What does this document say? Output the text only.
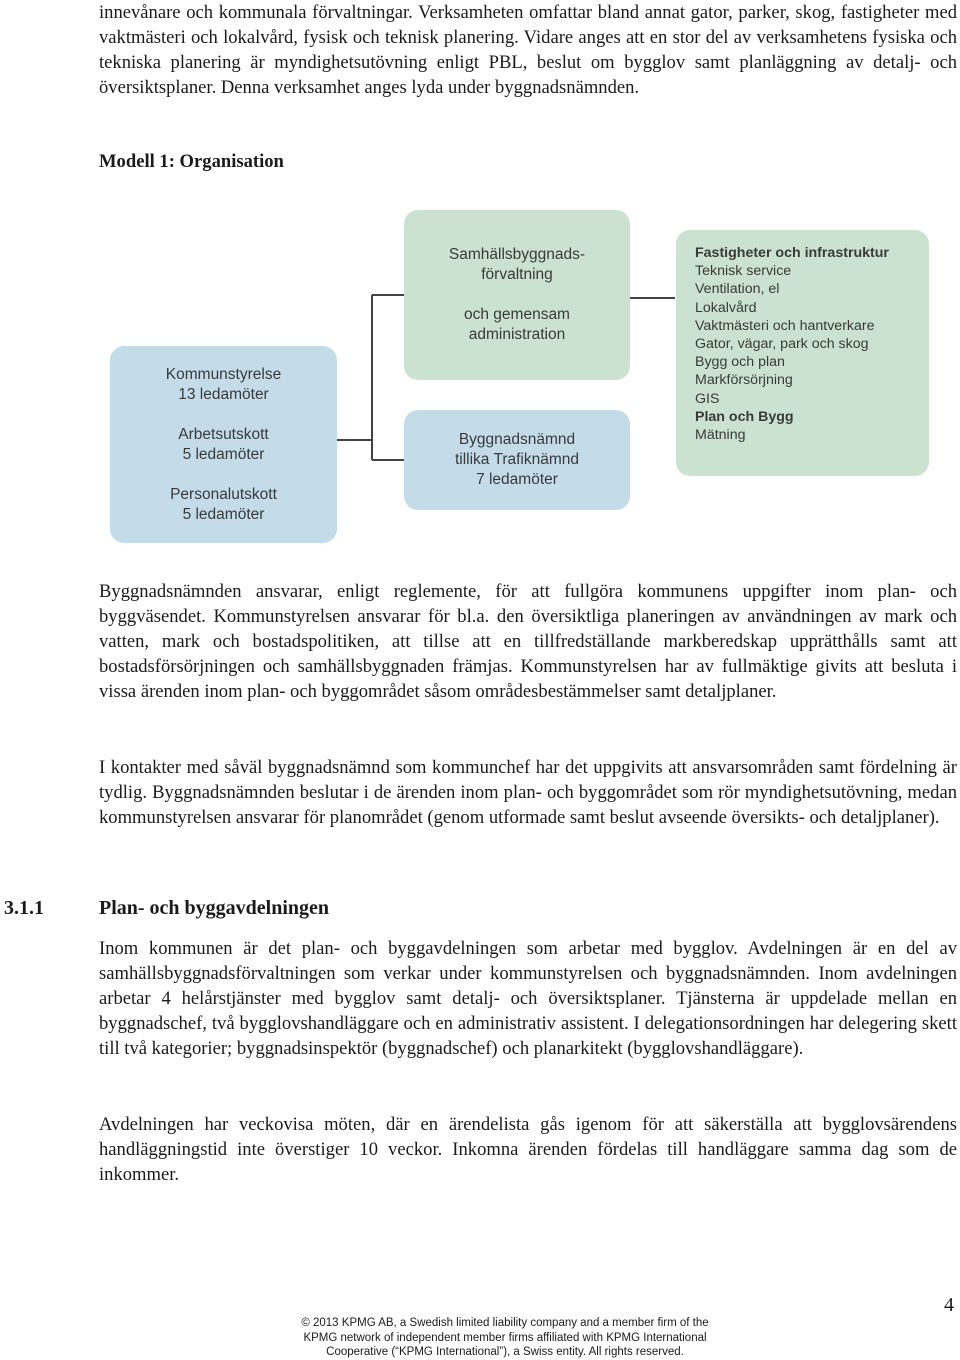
innevånare och kommunala förvaltningar. Verksamheten omfattar bland annat gator, parker, skog, fastigheter med vaktmästeri och lokalvård, fysisk och teknisk planering. Vidare anges att en stor del av verksamhetens fysiska och tekniska planering är myndighetsutövning enligt PBL, beslut om bygglov samt planläggning av detalj- och översiktsplaner. Denna verksamhet anges lyda under byggnadsnämnden.

Modell 1: Organisation
Kommunstyrelse
13 ledamöter
Arbetsutskott
5 ledamöter
Personalutskott
5 ledamöter
Samhällsbyggnads-
förvaltning
och gemensam
administration
Byggnadsnämnd
tillika Trafiknämnd
7 ledamöter
Fastigheter och infrastruktur
Teknisk service
Ventilation, el
Lokalvård
Vaktmästeri och hantverkare
Gator, vägar, park och skog
Bygg och plan
Markförsörjning
GIS
Plan och Bygg
Mätning

Byggnadsnämnden ansvarar, enligt reglemente, för att fullgöra kommunens uppgifter inom plan- och byggväsendet. Kommunstyrelsen ansvarar för bl.a. den översiktliga planeringen av användningen av mark och vatten, mark och bostadspolitiken, att tillse att en tillfredställande markberedskap upprätthålls samt att bostadsförsörjningen och samhällsbyggnaden främjas. Kommunstyrelsen har av fullmäktige givits att besluta i vissa ärenden inom plan- och byggområdet såsom områdesbestämmelser samt detaljplaner.

I kontakter med såväl byggnadsnämnd som kommunchef har det uppgivits att ansvarsområden samt fördelning är tydlig. Byggnadsnämnden beslutar i de ärenden inom plan- och byggområdet som rör myndighetsutövning, medan kommunstyrelsen ansvarar för planområdet (genom utformade samt beslut avseende översikts- och detaljplaner).

3.1.1	Plan- och byggavdelningen

Inom kommunen är det plan- och byggavdelningen som arbetar med bygglov. Avdelningen är en del av samhällsbyggnadsförvaltningen som verkar under kommunstyrelsen och byggnadsnämnden. Inom avdelningen arbetar 4 helårstjänster med bygglov samt detalj- och översiktsplaner. Tjänsterna är uppdelade mellan en byggnadschef, två bygglovshandläggare och en administrativ assistent. I delegationsordningen har delegering skett till två kategorier; byggnadsinspektör (byggnadschef) och planarkitekt (bygglovshandläggare).

Avdelningen har veckovisa möten, där en ärendelista gås igenom för att säkerställa att bygglovsärendens handläggningstid inte överstiger 10 veckor. Inkomna ärenden fördelas till handläggare samma dag som de inkommer.

4
© 2013 KPMG AB, a Swedish limited liability company and a member firm of the
KPMG network of independent member firms affiliated with KPMG International
Cooperative (“KPMG International”), a Swiss entity. All rights reserved.
